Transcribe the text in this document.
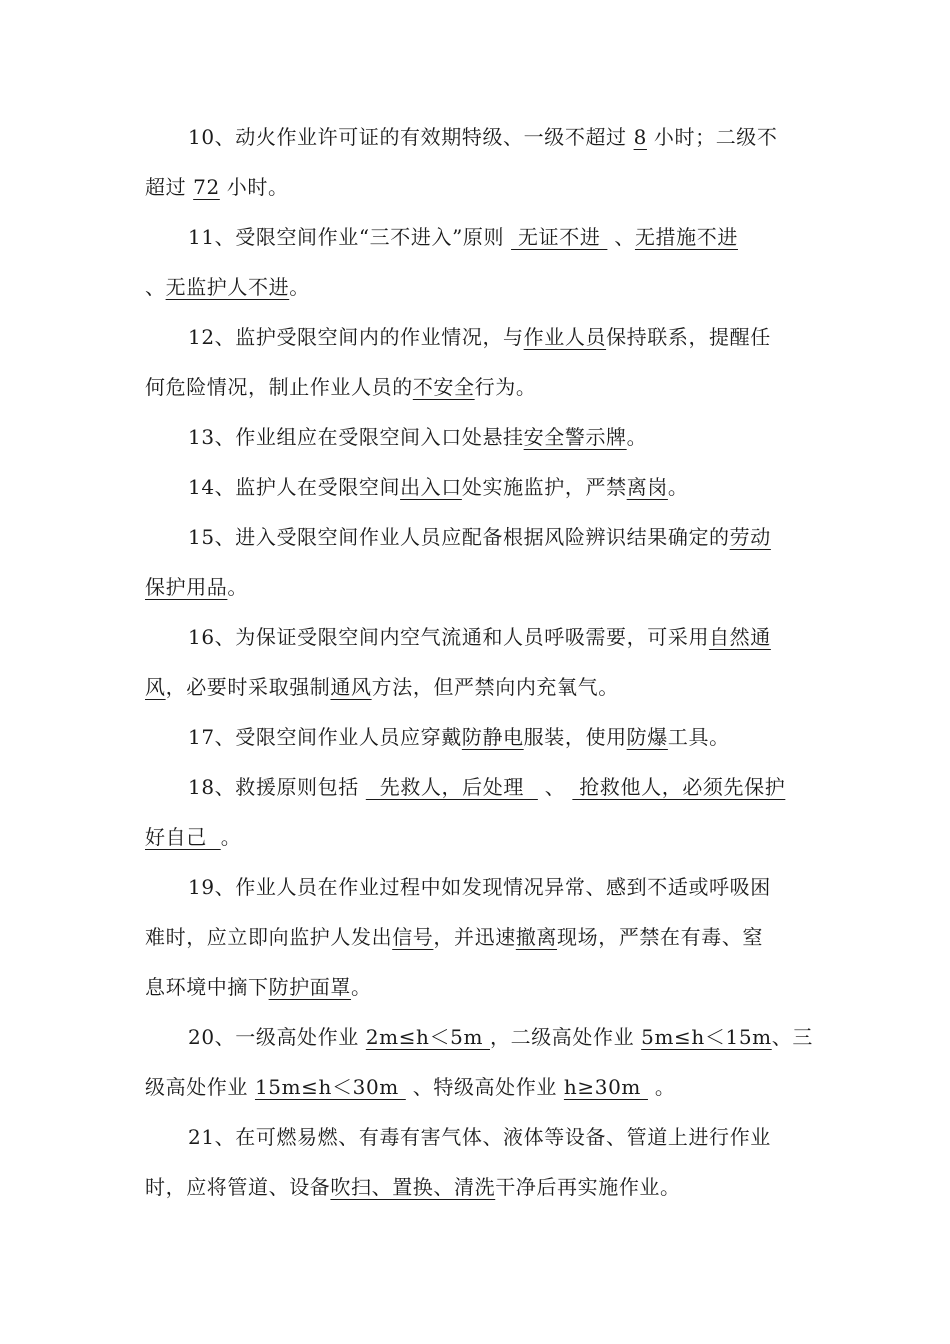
10、动火作业许可证的有效期特级、一级不超过 8 小时；二级不
超过 72 小时。
11、受限空间作业“三不进入”原则  无证不进  、无措施不进
、无监护人不进。
12、监护受限空间内的作业情况，与作业人员保持联系，提醒任
何危险情况，制止作业人员的不安全行为。
13、作业组应在受限空间入口处悬挂安全警示牌。
14、监护人在受限空间出入口处实施监护，严禁离岗。
15、进入受限空间作业人员应配备根据风险辨识结果确定的劳动
保护用品。
16、为保证受限空间内空气流通和人员呼吸需要，可采用自然通
风，必要时采取强制通风方法，但严禁向内充氧气。
17、受限空间作业人员应穿戴防静电服装，使用防爆工具。
18、救援原则包括   先救人，后处理   、  抢救他人，必须先保护
好自己  。
19、作业人员在作业过程中如发现情况异常、感到不适或呼吸困
难时，应立即向监护人发出信号，并迅速撤离现场，严禁在有毒、窒
息环境中摘下防护面罩。
20、一级高处作业 2m≤h＜5m ，二级高处作业 5m≤h＜15m、三
级高处作业 15m≤h＜30m  、特级高处作业 h≥30m  。
21、在可燃易燃、有毒有害气体、液体等设备、管道上进行作业
时，应将管道、设备吹扫、置换、清洗干净后再实施作业。
